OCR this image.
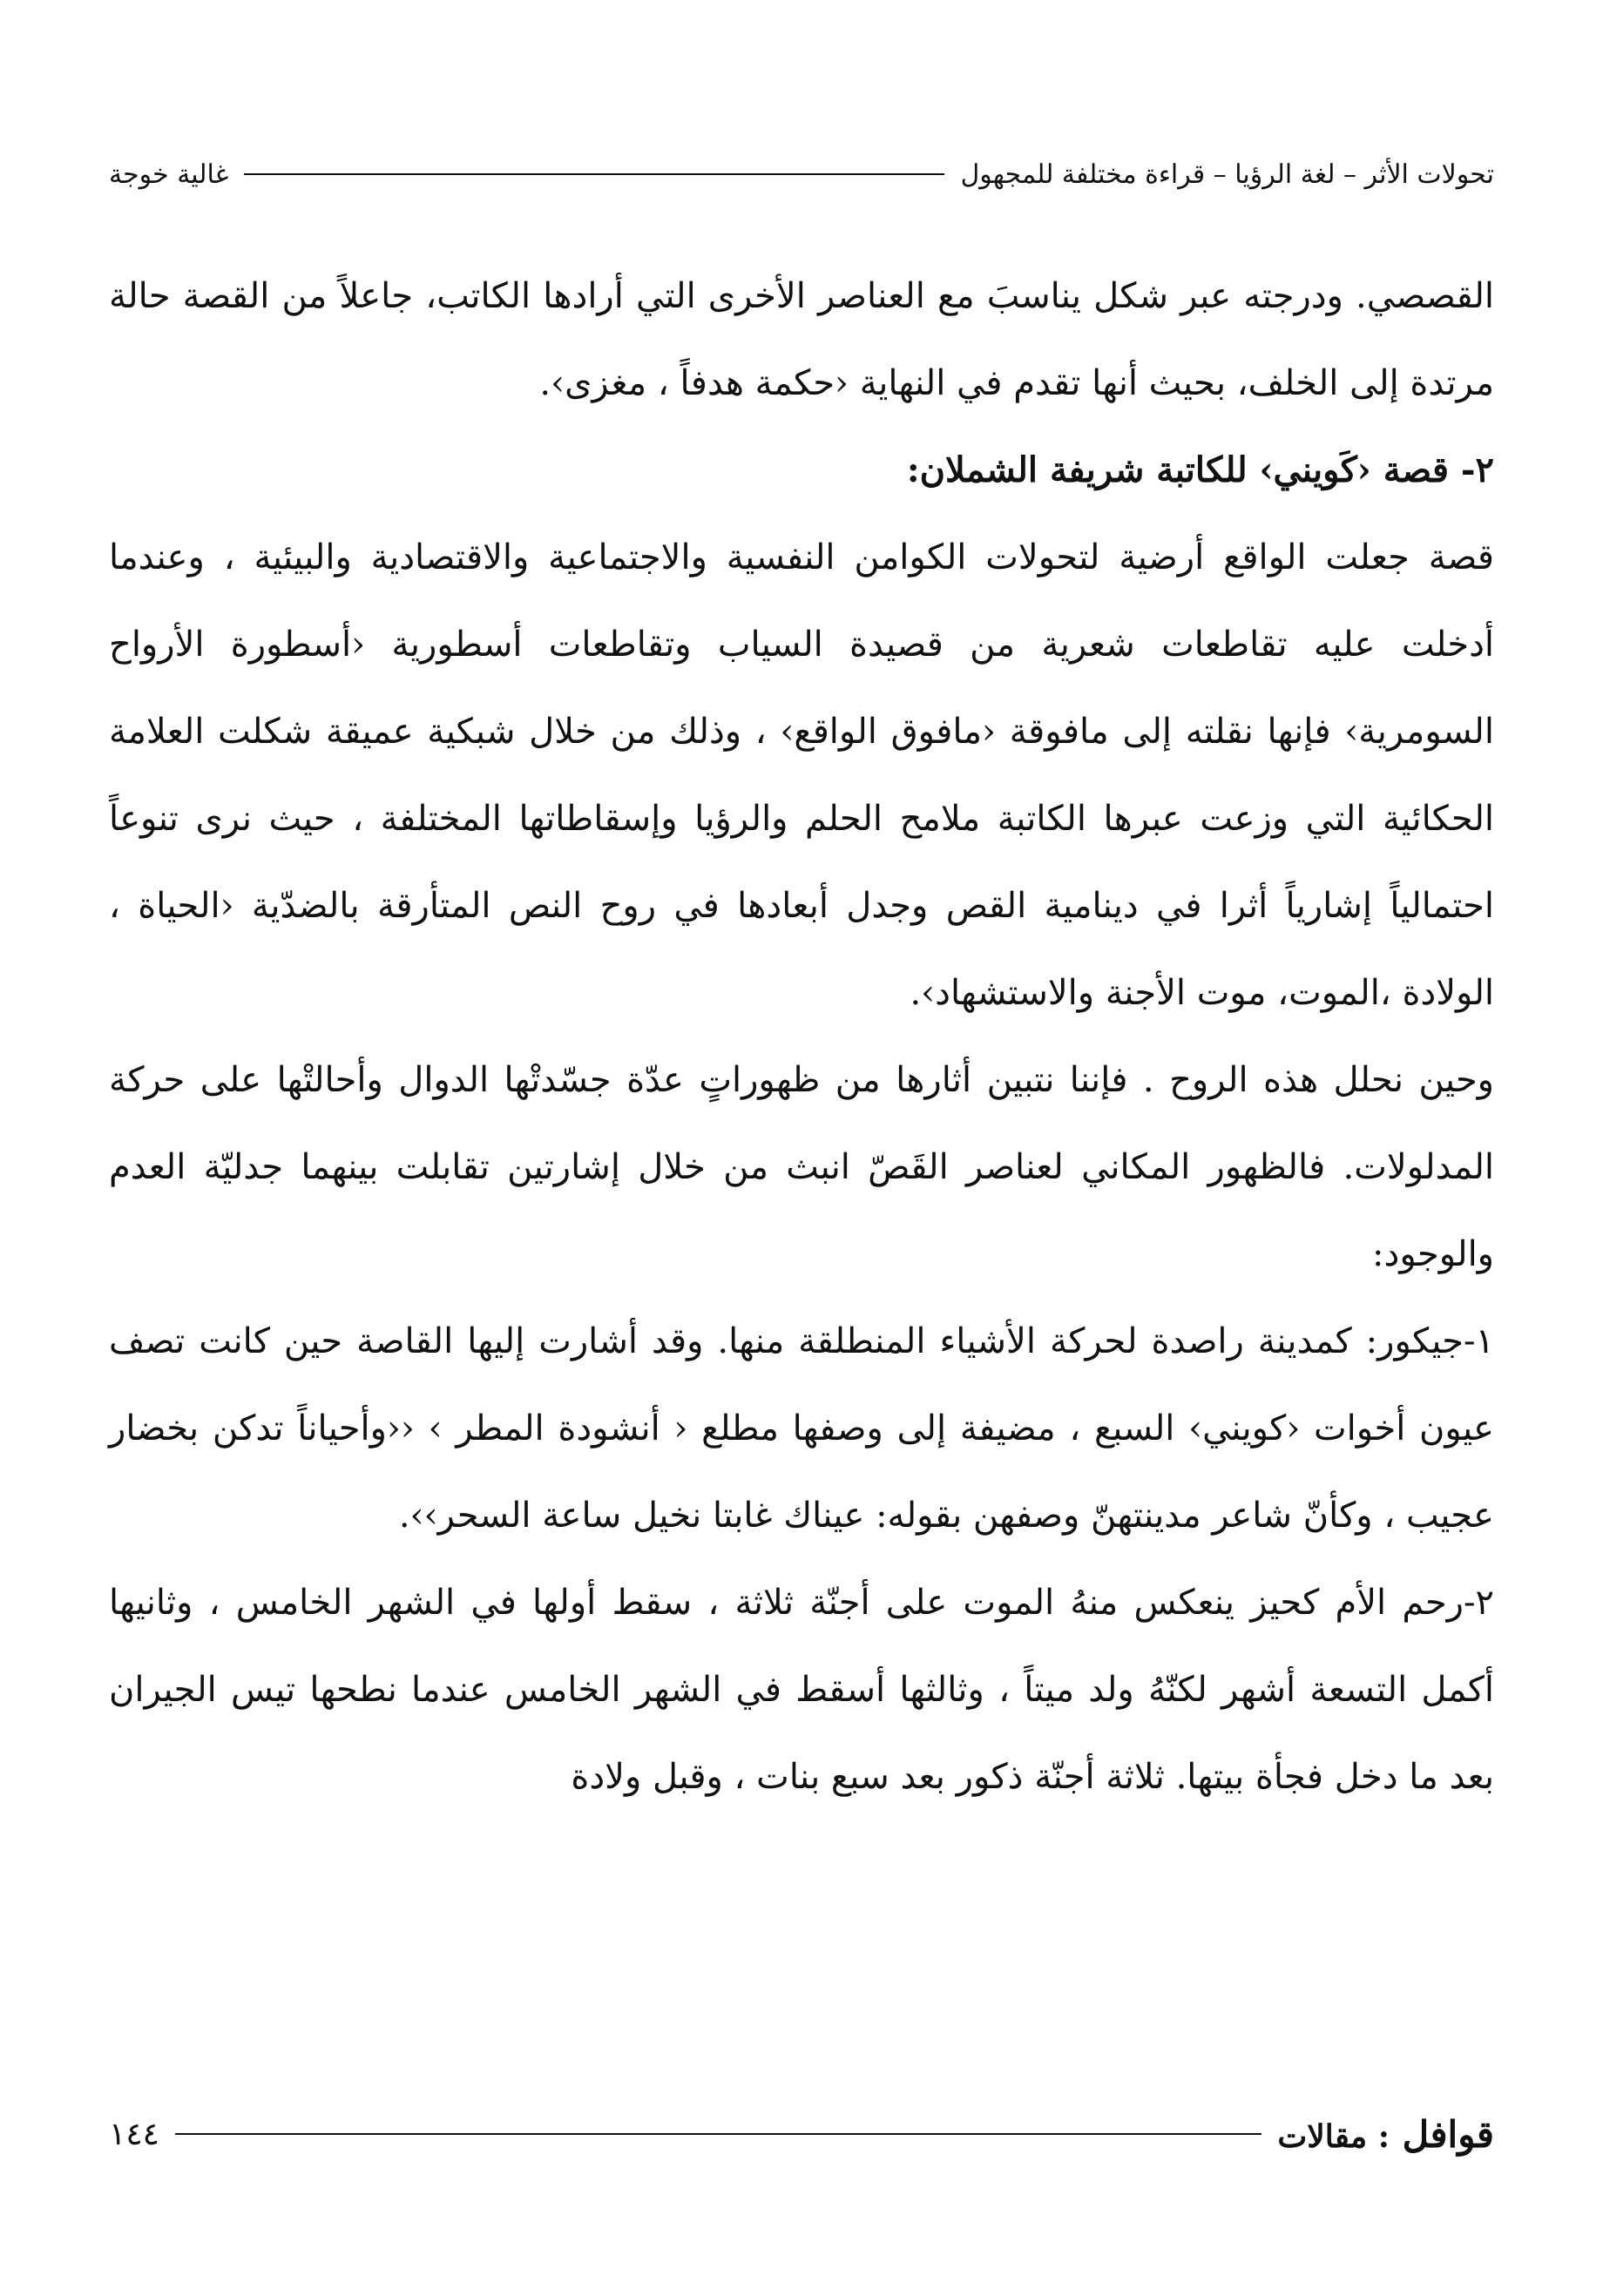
تحولات الأثر – لغة الرؤيا – قراءة مختلفة للمجهول
غالية خوجة

القصصي. ودرجته عبر شكل يناسبَ مع العناصر الأخرى التي أرادها الكاتب، جاعلاً من القصة حالة مرتدة إلى الخلف، بحيث أنها تقدم في النهاية ‹حكمة هدفاً ، مغزى›.

٢- قصة ‹كَويني› للكاتبة شريفة الشملان:

قصة جعلت الواقع أرضية لتحولات الكوامن النفسية والاجتماعية والاقتصادية والبيئية ، وعندما أدخلت عليه تقاطعات شعرية من قصيدة السياب وتقاطعات أسطورية ‹أسطورة الأرواح السومرية› فإنها نقلته إلى مافوقة ‹مافوق الواقع› ، وذلك من خلال شبكية عميقة شكلت العلامة الحكائية التي وزعت عبرها الكاتبة ملامح الحلم والرؤيا وإسقاطاتها المختلفة ، حيث نرى تنوعاً احتمالياً إشارياً أثرا في دينامية القص وجدل أبعادها في روح النص المتأرقة بالضدّية ‹الحياة ، الولادة ،الموت، موت الأجنة والاستشهاد›.

وحين نحلل هذه الروح . فإننا نتبين أثارها من ظهوراتٍ عدّة جسّدتْها الدوال وأحالتْها على حركة المدلولات. فالظهور المكاني لعناصر القَصّ انبث من خلال إشارتين تقابلت بينهما جدليّة العدم والوجود:

١-جيكور: كمدينة راصدة لحركة الأشياء المنطلقة منها. وقد أشارت إليها القاصة حين كانت تصف عيون أخوات ‹كويني› السبع ، مضيفة إلى وصفها مطلع ‹ أنشودة المطر › ‹‹وأحياناً تدكن بخضار عجيب ، وكأنّ شاعر مدينتهنّ وصفهن بقوله: عيناك غابتا نخيل ساعة السحر››.

٢-رحم الأم كحيز ينعكس منهُ الموت على أجنّة ثلاثة ، سقط أولها في الشهر الخامس ، وثانيها أكمل التسعة أشهر لكنّهُ ولد ميتاً ، وثالثها أسقط في الشهر الخامس عندما نطحها تيس الجيران بعد ما دخل فجأة بيتها. ثلاثة أجنّة ذكور بعد سبع بنات ، وقبل ولادة

قوافل : مقالات
١٤٤
